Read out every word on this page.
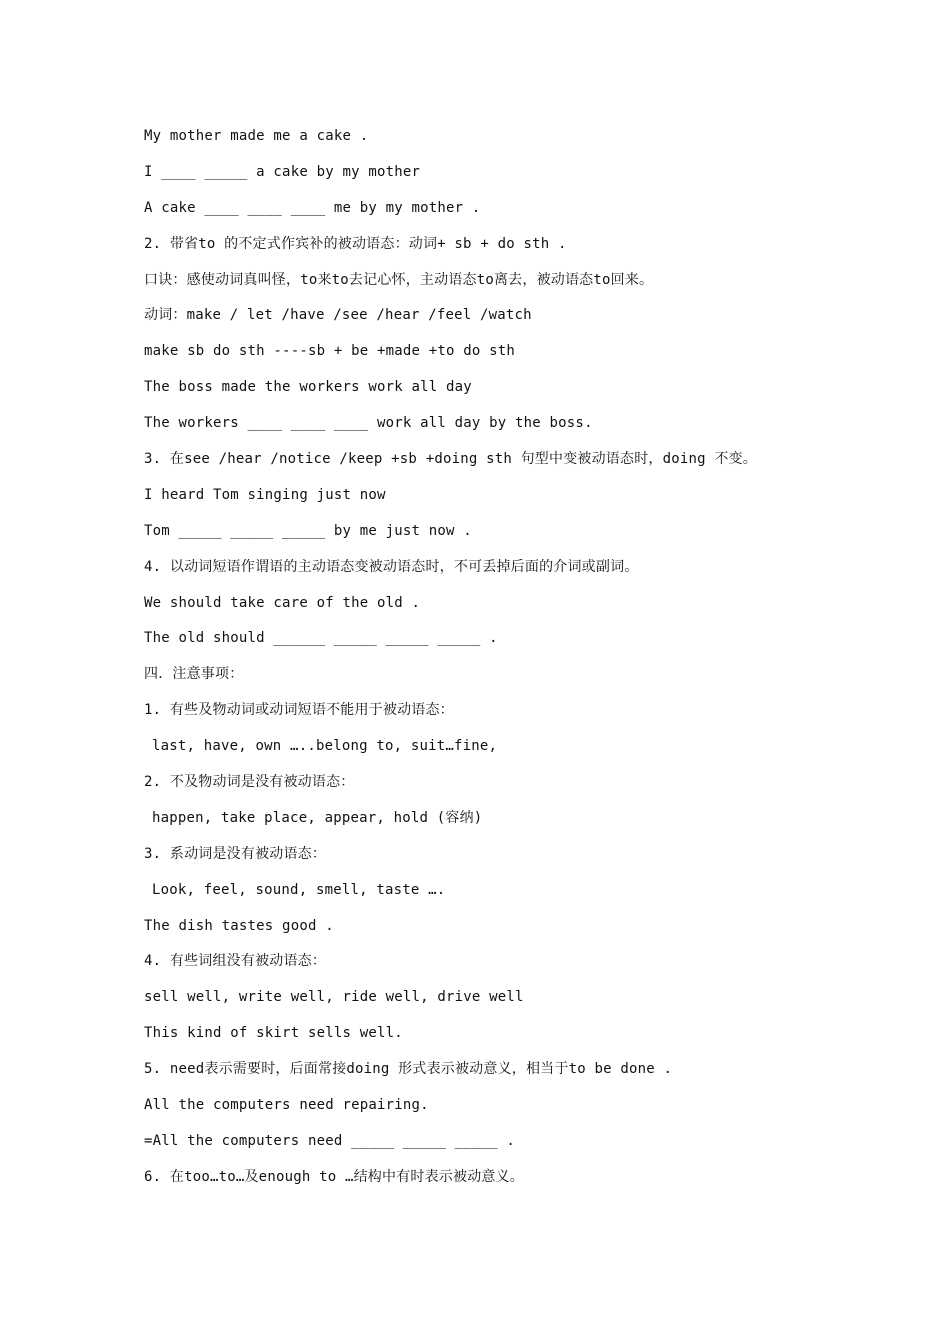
My mother made me a cake .
I ____ _____ a cake by my mother
A cake ____ ____ ____ me by my mother .
2. 带省to 的不定式作宾补的被动语态：动词+ sb + do sth .
口诀：感使动词真叫怪，to来to去记心怀，主动语态to离去，被动语态to回来。
动词：make / let /have /see /hear /feel /watch
make sb do sth ----sb + be +made +to do sth
The boss made the workers work all day
The workers ____ ____ ____ work all day by the boss.
3. 在see /hear /notice /keep +sb +doing sth 句型中变被动语态时，doing 不变。
I heard Tom singing just now
Tom _____ _____ _____ by me just now .
4. 以动词短语作谓语的主动语态变被动语态时，不可丢掉后面的介词或副词。
We should take care of the old .
The old should ______ _____ _____ _____ .
四．注意事项：
1. 有些及物动词或动词短语不能用于被动语态：
last, have, own …..belong to, suit…fine,
2. 不及物动词是没有被动语态：
happen, take place, appear, hold (容纳)
3. 系动词是没有被动语态：
Look, feel, sound, smell, taste ….
The dish tastes good .
4. 有些词组没有被动语态：
sell well, write well, ride well, drive well
This kind of skirt sells well.
5. need表示需要时，后面常接doing 形式表示被动意义，相当于to be done .
All the computers need repairing.
=All the computers need _____ _____ _____ .
6. 在too…to…及enough to …结构中有时表示被动意义。
